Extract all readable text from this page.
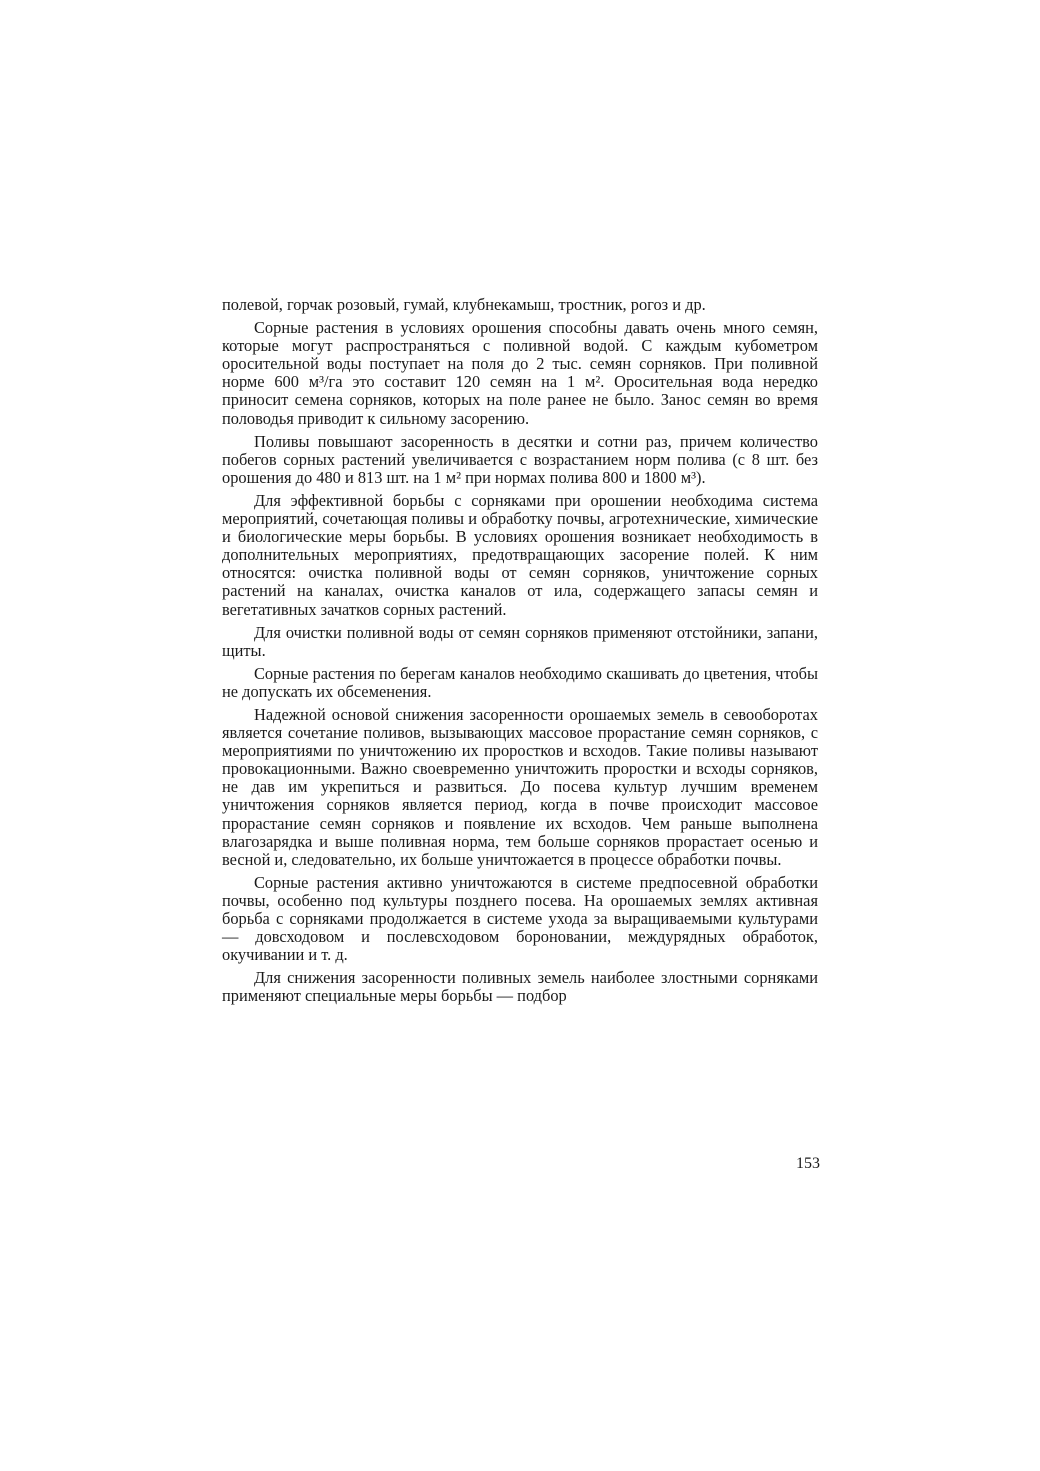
полевой, горчак розовый, гумай, клубнекамыш, тростник, рогоз и др.

Сорные растения в условиях орошения способны давать очень много семян, которые могут распространяться с поливной водой. С каждым кубометром оросительной воды поступает на поля до 2 тыс. семян сорняков. При поливной норме 600 м³/га это составит 120 семян на 1 м². Оросительная вода нередко приносит семена сорняков, которых на поле ранее не было. Занос семян во время половодья приводит к сильному засорению.

Поливы повышают засоренность в десятки и сотни раз, причем количество побегов сорных растений увеличивается с возрастанием норм полива (с 8 шт. без орошения до 480 и 813 шт. на 1 м² при нормах полива 800 и 1800 м³).

Для эффективной борьбы с сорняками при орошении необходима система мероприятий, сочетающая поливы и обработку почвы, агротехнические, химические и биологические меры борьбы. В условиях орошения возникает необходимость в дополнительных мероприятиях, предотвращающих засорение полей. К ним относятся: очистка поливной воды от семян сорняков, уничтожение сорных растений на каналах, очистка каналов от ила, содержащего запасы семян и вегетативных зачатков сорных растений.

Для очистки поливной воды от семян сорняков применяют отстойники, запани, щиты.

Сорные растения по берегам каналов необходимо скашивать до цветения, чтобы не допускать их обсеменения.

Надежной основой снижения засоренности орошаемых земель в севооборотах является сочетание поливов, вызывающих массовое прорастание семян сорняков, с мероприятиями по уничтожению их проростков и всходов. Такие поливы называют провокационными. Важно своевременно уничтожить проростки и всходы сорняков, не дав им укрепиться и развиться. До посева культур лучшим временем уничтожения сорняков является период, когда в почве происходит массовое прорастание семян сорняков и появление их всходов. Чем раньше выполнена влагозарядка и выше поливная норма, тем больше сорняков прорастает осенью и весной и, следовательно, их больше уничтожается в процессе обработки почвы.

Сорные растения активно уничтожаются в системе предпосевной обработки почвы, особенно под культуры позднего посева. На орошаемых землях активная борьба с сорняками продолжается в системе ухода за выращиваемыми культурами — довсходовом и послевсходовом бороновании, междурядных обработок, окучивании и т. д.

Для снижения засоренности поливных земель наиболее злостными сорняками применяют специальные меры борьбы — подбор

153
